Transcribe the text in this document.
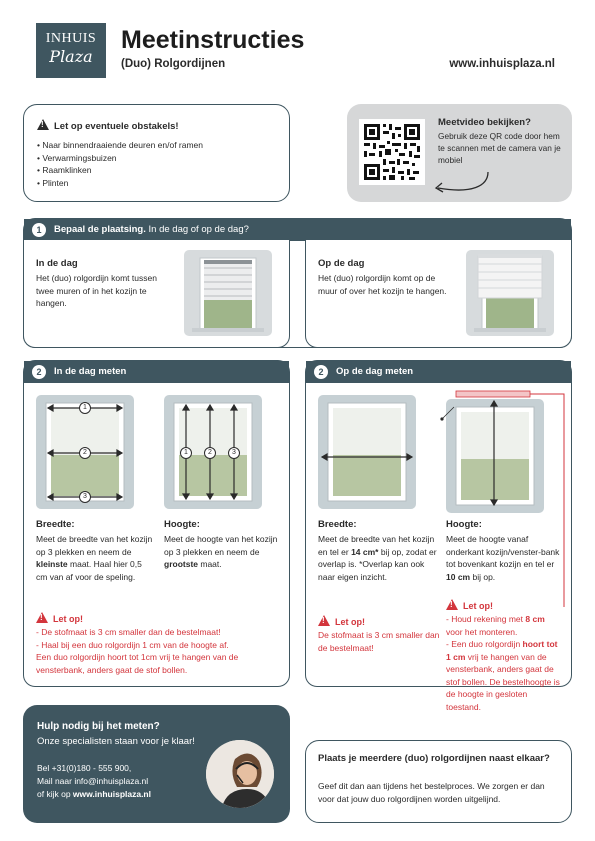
INHUIS
Plaza
Meetinstructies
(Duo) Rolgordijnen	www.inhuisplaza.nl
!Let op eventuele obstakels!
• Naar binnendraaiende deuren en/of ramen
• Verwarmingsbuizen
• Raamklinken
• Plinten
Meetvideo bekijken?
Gebruik deze QR code door hem te scannen met de camera van je mobiel
1	Bepaal de plaatsing. In de dag of op de dag?
In de dag
Het (duo) rolgordijn komt tussen twee muren of in het kozijn te hangen.
Op de dag
Het (duo) rolgordijn komt op de muur of over het kozijn te hangen.
2	In de dag meten
1
2
3
1	2	3
Breedte:
Meet de breedte van het kozijn op 3 plekken en neem de kleinste maat. Haal hier 0,5 cm van af voor de speling.
Hoogte:
Meet de hoogte van het kozijn op 3 plekken en neem de grootste maat.
!Let op!
- De stofmaat is 3 cm smaller dan de bestelmaat!
- Haal bij een duo rolgordijn 1 cm van de hoogte af.
Een duo rolgordijn hoort tot 1cm vrij te hangen van de vensterbank, anders gaat de stof bollen.
2	Op de dag meten
Breedte:
Meet de breedte van het kozijn en tel er 14 cm* bij op, zodat er overlap is. *Overlap kan ook naar eigen inzicht.
Hoogte:
Meet de hoogte vanaf onderkant kozijn/venster-bank tot bovenkant kozijn en tel er 10 cm bij op.
!Let op!
De stofmaat is 3 cm smaller dan de bestelmaat!
!Let op!
- Houd rekening met 8 cm voor het monteren.
- Een duo rolgordijn hoort tot 1 cm vrij te hangen van de vensterbank, anders gaat de stof bollen. De bestelhoogte is de hoogte in gesloten toestand.
Hulp nodig bij het meten?
Onze specialisten staan voor je klaar!
Bel +31(0)180 - 555 900,
Mail naar info@inhuisplaza.nl
of kijk op www.inhuisplaza.nl
Plaats je meerdere (duo) rolgordijnen naast elkaar?
Geef dit dan aan tijdens het bestelproces. We zorgen er dan voor dat jouw duo rolgordijnen worden uitgelijnd.
